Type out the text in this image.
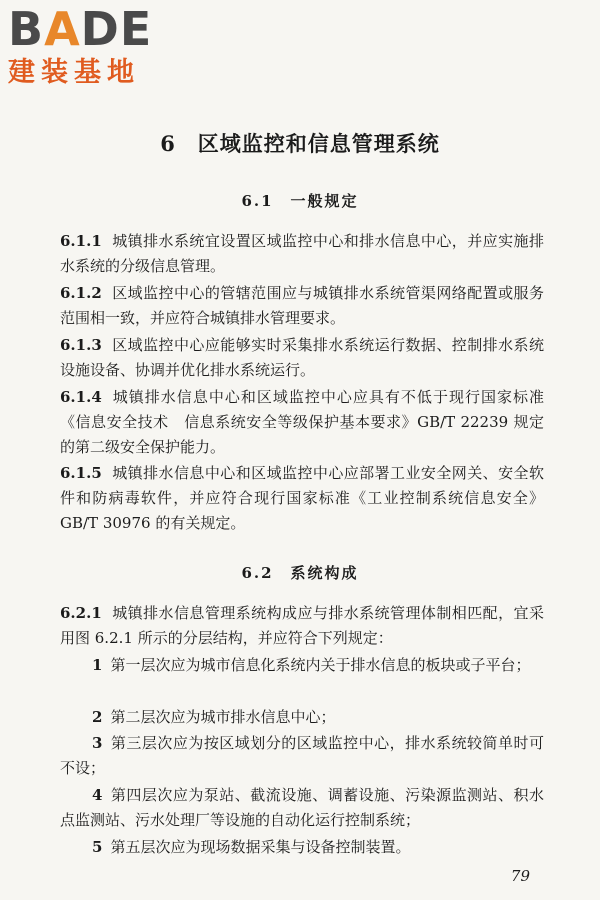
BADE
建装基地
6　区域监控和信息管理系统
6.1　一般规定
6.1.1 城镇排水系统宜设置区域监控中心和排水信息中心，并应实施排水系统的分级信息管理。
6.1.2 区域监控中心的管辖范围应与城镇排水系统管渠网络配置或服务范围相一致，并应符合城镇排水管理要求。
6.1.3 区域监控中心应能够实时采集排水系统运行数据、控制排水系统设施设备、协调并优化排水系统运行。
6.1.4 城镇排水信息中心和区域监控中心应具有不低于现行国家标准《信息安全技术　信息系统安全等级保护基本要求》GB/T 22239 规定的第二级安全保护能力。
6.1.5 城镇排水信息中心和区域监控中心应部署工业安全网关、安全软件和防病毒软件，并应符合现行国家标准《工业控制系统信息安全》GB/T 30976 的有关规定。
6.2　系统构成
6.2.1 城镇排水信息管理系统构成应与排水系统管理体制相匹配，宜采用图 6.2.1 所示的分层结构，并应符合下列规定：
1 第一层次应为城市信息化系统内关于排水信息的板块或子平台；
2 第二层次应为城市排水信息中心；
3 第三层次应为按区域划分的区域监控中心，排水系统较简单时可不设；
4 第四层次应为泵站、截流设施、调蓄设施、污染源监测站、积水点监测站、污水处理厂等设施的自动化运行控制系统；
5 第五层次应为现场数据采集与设备控制装置。
79
